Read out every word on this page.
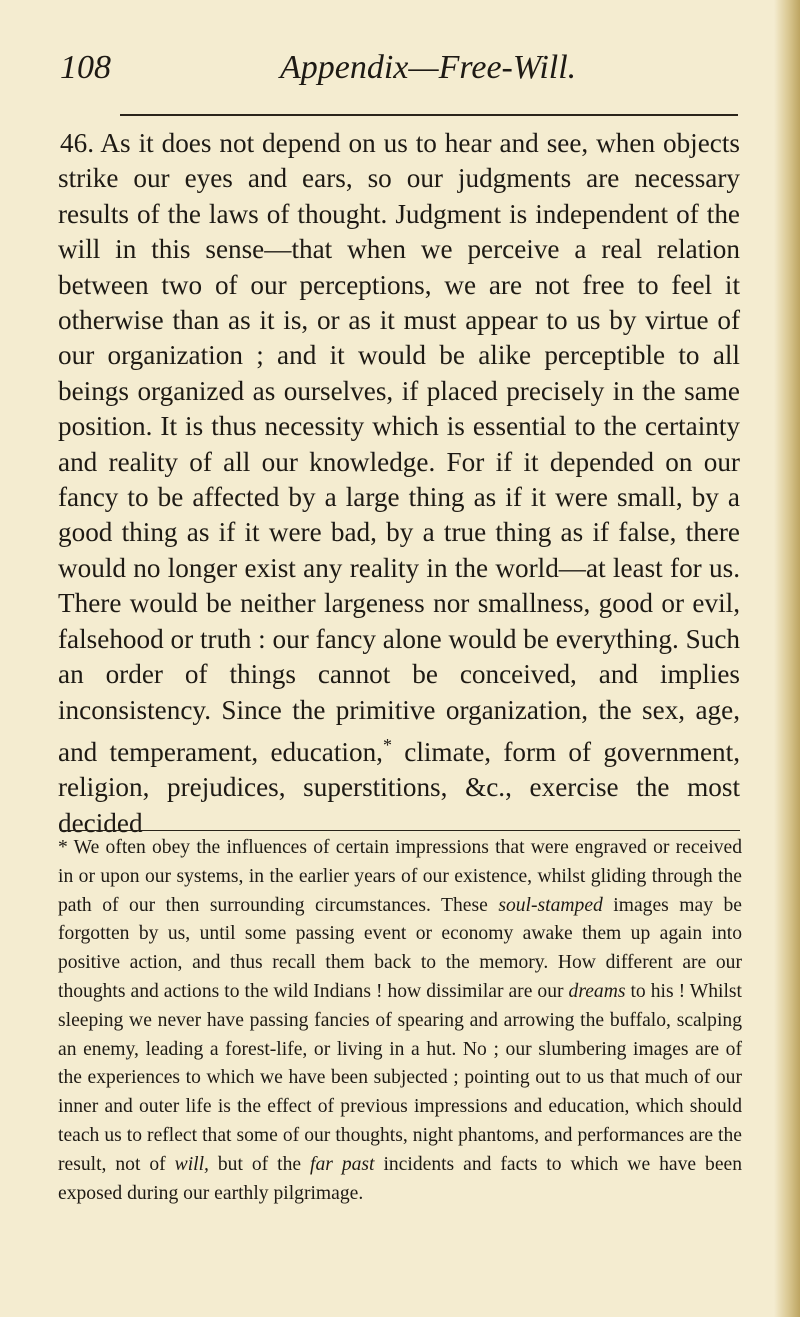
108	Appendix—Free-Will.

46. As it does not depend on us to hear and see, when objects strike our eyes and ears, so our judgments are necessary results of the laws of thought. Judgment is independent of the will in this sense—that when we perceive a real relation between two of our perceptions, we are not free to feel it otherwise than as it is, or as it must appear to us by virtue of our organization ; and it would be alike perceptible to all beings organized as ourselves, if placed precisely in the same position. It is thus necessity which is essential to the certainty and reality of all our knowledge. For if it depended on our fancy to be affected by a large thing as if it were small, by a good thing as if it were bad, by a true thing as if false, there would no longer exist any reality in the world—at least for us. There would be neither largeness nor smallness, good or evil, falsehood or truth : our fancy alone would be everything. Such an order of things cannot be conceived, and implies inconsistency. Since the primitive organization, the sex, age, and temperament, education,* climate, form of government, religion, prejudices, superstitions, &c., exercise the most decided

* We often obey the influences of certain impressions that were engraved or received in or upon our systems, in the earlier years of our existence, whilst gliding through the path of our then surrounding circumstances. These soul-stamped images may be forgotten by us, until some passing event or economy awake them up again into positive action, and thus recall them back to the memory. How different are our thoughts and actions to the wild Indians ! how dissimilar are our dreams to his ! Whilst sleeping we never have passing fancies of spearing and arrowing the buffalo, scalping an enemy, leading a forest-life, or living in a hut. No ; our slumbering images are of the experiences to which we have been subjected ; pointing out to us that much of our inner and outer life is the effect of previous impressions and education, which should teach us to reflect that some of our thoughts, night phantoms, and performances are the result, not of will, but of the far past incidents and facts to which we have been exposed during our earthly pilgrimage.
